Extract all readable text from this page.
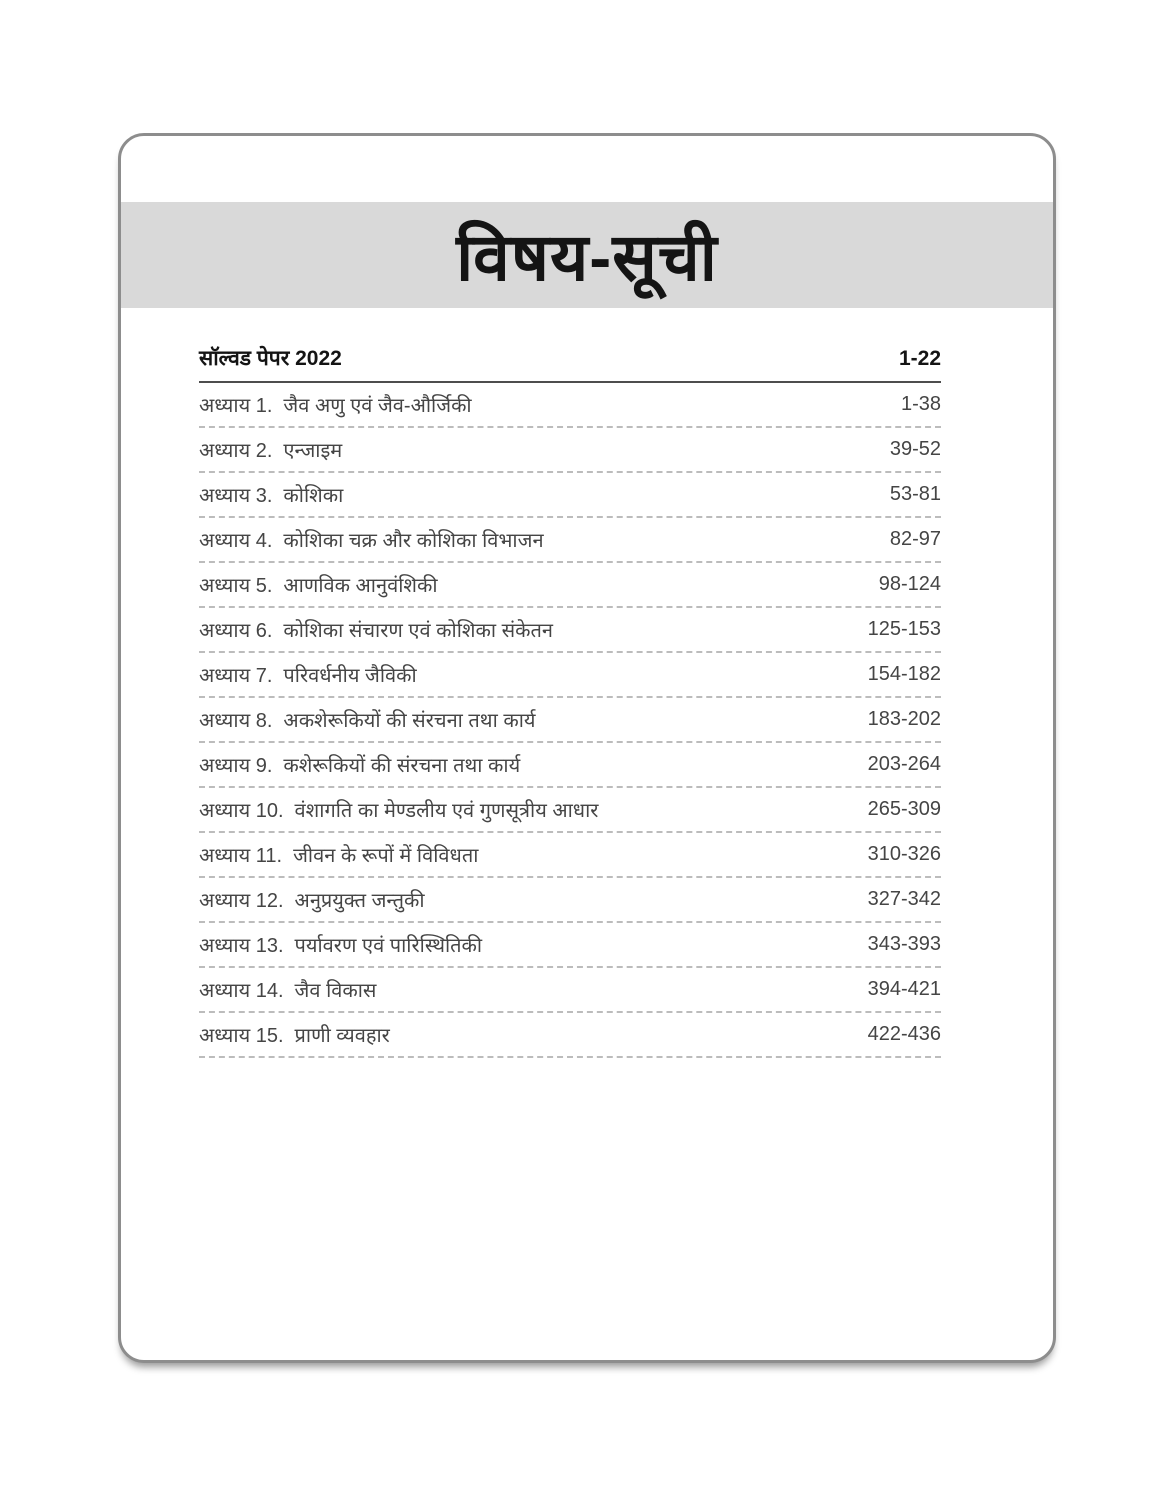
विषय-सूची
सॉल्वड पेपर 2022	1-22
अध्याय 1. जैव अणु एवं जैव-और्जिकी	1-38
अध्याय 2. एन्जाइम	39-52
अध्याय 3. कोशिका	53-81
अध्याय 4. कोशिका चक्र और कोशिका विभाजन	82-97
अध्याय 5. आणविक आनुवंशिकी	98-124
अध्याय 6. कोशिका संचारण एवं कोशिका संकेतन	125-153
अध्याय 7. परिवर्धनीय जैविकी	154-182
अध्याय 8. अकशेरूकियों की संरचना तथा कार्य	183-202
अध्याय 9. कशेरूकियों की संरचना तथा कार्य	203-264
अध्याय 10. वंशागति का मेण्डलीय एवं गुणसूत्रीय आधार	265-309
अध्याय 11. जीवन के रूपों में विविधता	310-326
अध्याय 12. अनुप्रयुक्त जन्तुकी	327-342
अध्याय 13. पर्यावरण एवं पारिस्थितिकी	343-393
अध्याय 14. जैव विकास	394-421
अध्याय 15. प्राणी व्यवहार	422-436
